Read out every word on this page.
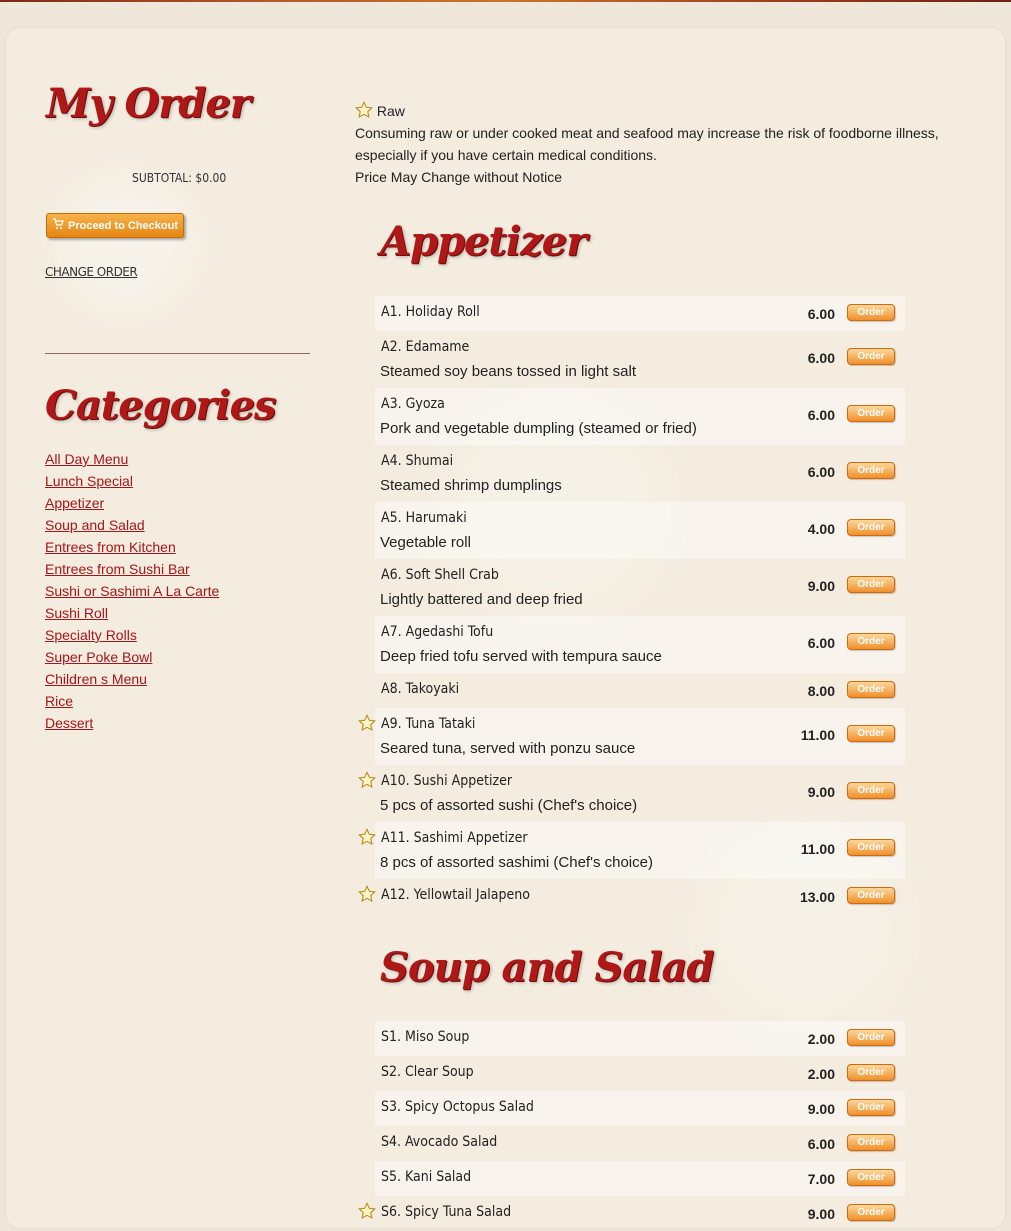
My Order
SUBTOTAL: $0.00
Proceed to Checkout
CHANGE ORDER
Categories
All Day Menu
Lunch Special
Appetizer
Soup and Salad
Entrees from Kitchen
Entrees from Sushi Bar
Sushi or Sashimi A La Carte
Sushi Roll
Specialty Rolls
Super Poke Bowl
Children s Menu
Rice
Dessert
Raw
Consuming raw or under cooked meat and seafood may increase the risk of foodborne illness, especially if you have certain medical conditions.
Price May Change without Notice
Appetizer
A1. Holiday Roll	6.00	Order
A2. Edamame
Steamed soy beans tossed in light salt
6.00	Order
A3. Gyoza
Pork and vegetable dumpling (steamed or fried)
6.00	Order
A4. Shumai
Steamed shrimp dumplings
6.00	Order
A5. Harumaki
Vegetable roll
4.00	Order
A6. Soft Shell Crab
Lightly battered and deep fried
9.00	Order
A7. Agedashi Tofu
Deep fried tofu served with tempura sauce
6.00	Order
A8. Takoyaki	8.00	Order
A9. Tuna Tataki
Seared tuna, served with ponzu sauce
11.00	Order
A10. Sushi Appetizer
5 pcs of assorted sushi (Chef's choice)
9.00	Order
A11. Sashimi Appetizer
8 pcs of assorted sashimi (Chef's choice)
11.00	Order
A12. Yellowtail Jalapeno	13.00	Order
Soup and Salad
S1. Miso Soup	2.00	Order
S2. Clear Soup	2.00	Order
S3. Spicy Octopus Salad	9.00	Order
S4. Avocado Salad	6.00	Order
S5. Kani Salad	7.00	Order
S6. Spicy Tuna Salad	9.00	Order
